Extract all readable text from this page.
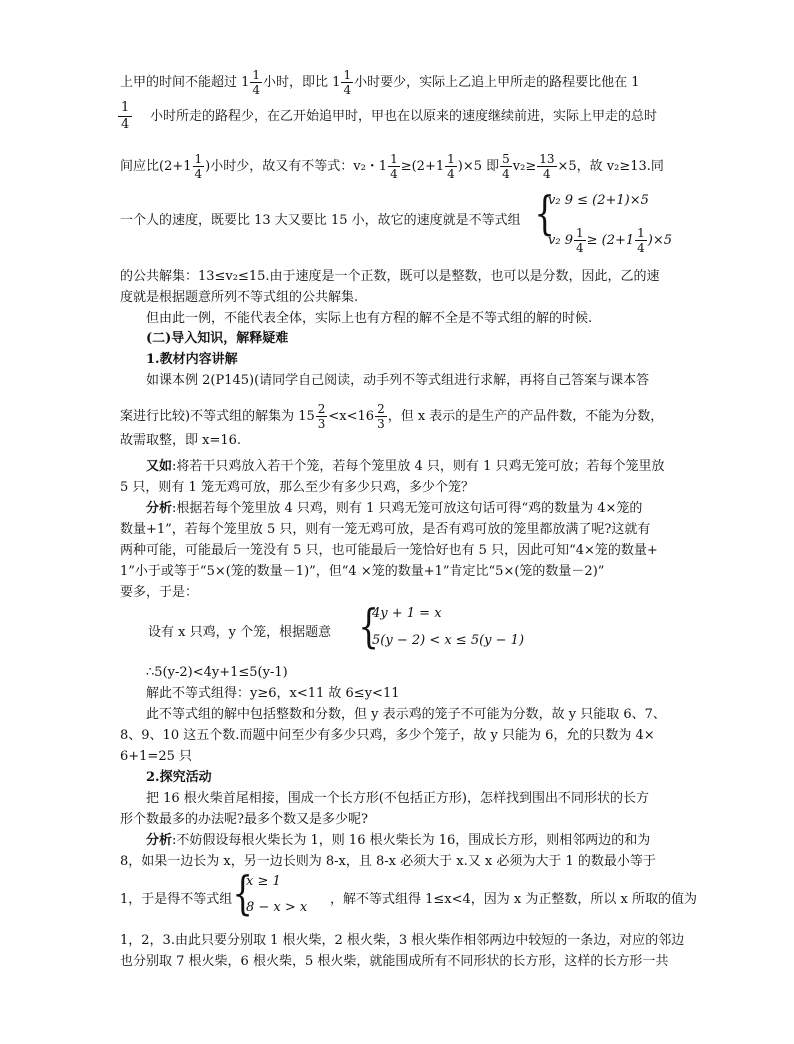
上甲的时间不能超过 $1 \frac{1}{4}$ 小时，即比 $1 \frac{1}{4}$ 小时要少，实际上乙追上甲所走的路程要比他在 1
1
4
小时所走的路程少，在乙开始追甲时，甲也在以原来的速度继续前进，实际上甲走的总时
间应比($2+1 \frac{1}{4}$ )小时少，故又有不等式：v₂・$1 \frac{1}{4} \ge(2+1 \frac{1}{4} )\times 5$ 即 $\frac{5}{4} v_2\ge \frac{13}{4} \times 5$，故 v₂≥13.同
一个人的速度，既要比 13 大又要比 15 小，故它的速度就是不等式组 {
v₂ 9 ≤ (2+1)×5
v₂ $9 \frac{1}{4} \ge (2+1 \frac{1}{4} )\times 5$
的公共解集：13≤v₂≤15.由于速度是一个正数，既可以是整数，也可以是分数，因此，乙的速
度就是根据题意所列不等式组的公共解集.
但由此一例，不能代表全体，实际上也有方程的解不全是不等式组的解的时候.
(二)导入知识，解释疑难
1.教材内容讲解
如课本例 2(P145)(请同学自己阅读，动手列不等式组进行求解，再将自己答案与课本答
案进行比较)不等式组的解集为 $15 \frac{2}{3} <x<16 \frac{2}{3}$ ，但 x 表示的是生产的产品件数，不能为分数，
故需取整，即 x=16.
又如:将若干只鸡放入若干个笼，若每个笼里放 4 只，则有 1 只鸡无笼可放；若每个笼里放
5 只，则有 1 笼无鸡可放，那么至少有多少只鸡，多少个笼？
分析:根据若每个笼里放 4 只鸡，则有 1 只鸡无笼可放这句话可得“鸡的数量为 4×笼的
数量+1”，若每个笼里放 5 只，则有一笼无鸡可放，是否有鸡可放的笼里都放满了呢?这就有
两种可能，可能最后一笼没有 5 只，也可能最后一笼恰好也有 5 只，因此可知“4×笼的数量+
1”小于或等于“5×(笼的数量－1)”，但“4 ×笼的数量+1”肯定比“5×(笼的数量－2)”
要多，于是：
设有 x 只鸡，y 个笼，根据题意 {
4y + 1 = x
5(y − 2) < x ≤ 5(y − 1)
∴5(y-2)<4y+1≤5(y-1)
解此不等式组得：y≥6，x<11 故 6≤y<11
此不等式组的解中包括整数和分数，但 y 表示鸡的笼子不可能为分数，故 y 只能取 6、7、
8、9、10 这五个数.而题中问至少有多少只鸡，多少个笼子，故 y 只能为 6，允的只数为 4×
6+1=25 只
2.探究活动
把 16 根火柴首尾相接，围成一个长方形(不包括正方形)，怎样找到围出不同形状的长方
形个数最多的办法呢?最多个数又是多少呢?
分析:不妨假设每根火柴长为 1，则 16 根火柴长为 16，围成长方形，则相邻两边的和为
8，如果一边长为 x，另一边长则为 8-x，且 8-x 必须大于 x.又 x 必须为大于 1 的数最小等于
1，于是得不等式组 {
x ≥ 1
8 − x > x
，解不等式组得 1≤x<4，因为 x 为正整数，所以 x 所取的值为
1，2，3.由此只要分别取 1 根火柴，2 根火柴，3 根火柴作相邻两边中较短的一条边，对应的邻边
也分别取 7 根火柴，6 根火柴，5 根火柴，就能围成所有不同形状的长方形，这样的长方形一共
